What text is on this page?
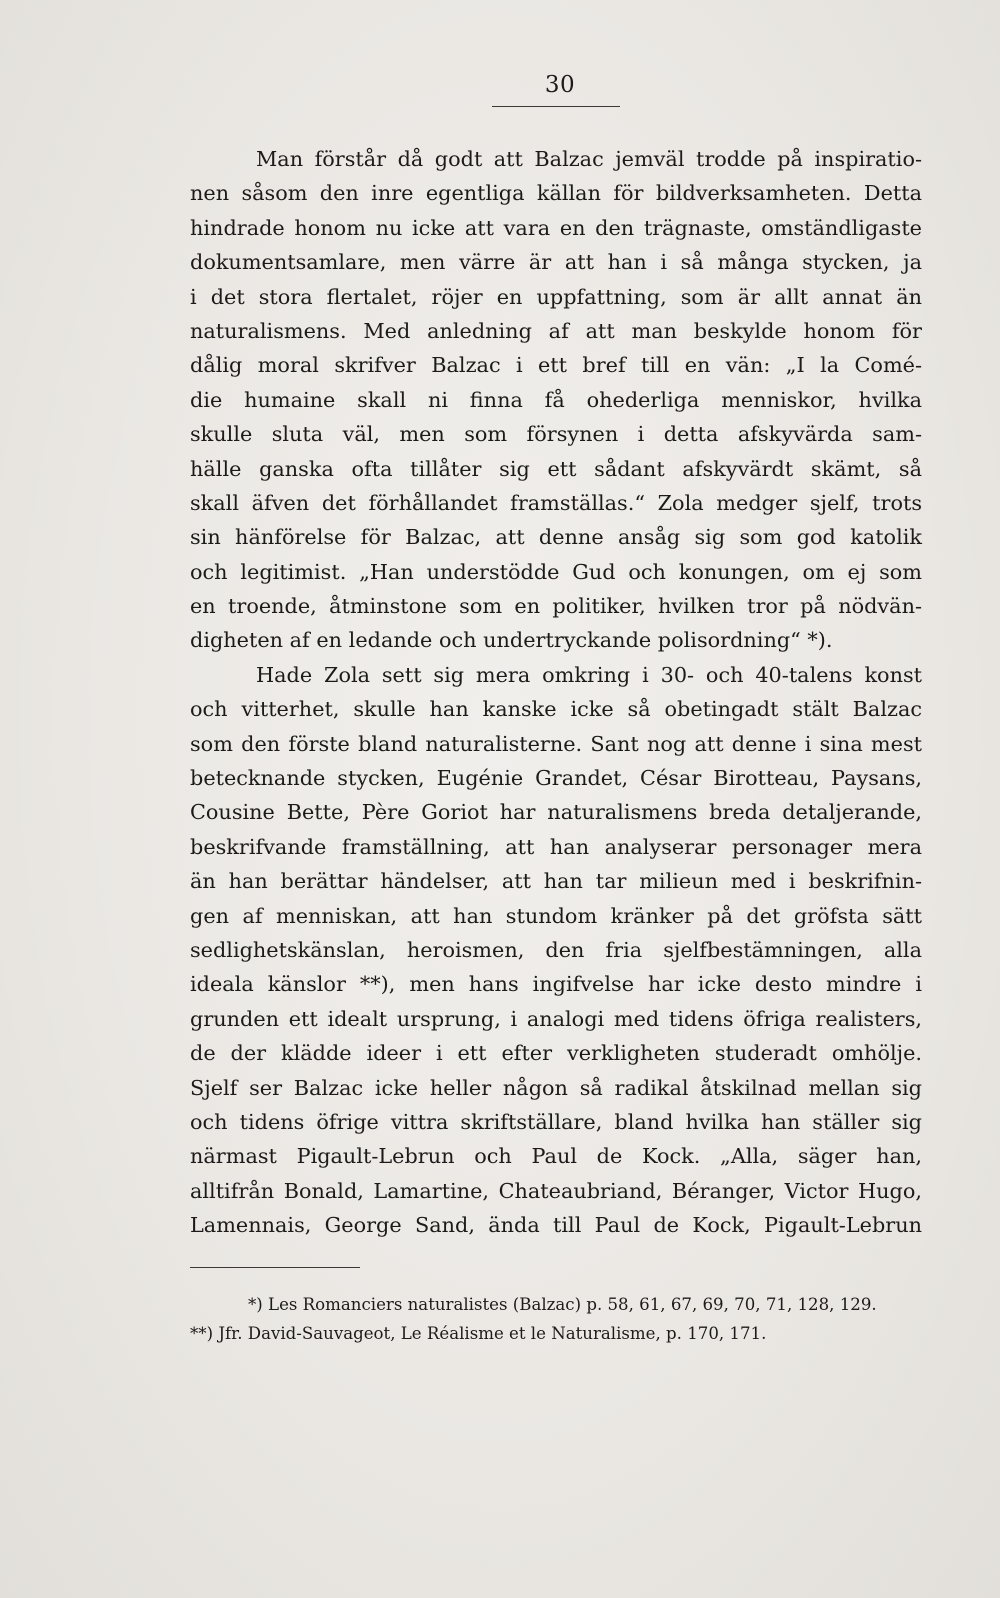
30
Man förstår då godt att Balzac jemväl trodde på inspiratio-
nen såsom den inre egentliga källan för bildverksamheten. Detta
hindrade honom nu icke att vara en den trägnaste, omständligaste
dokumentsamlare, men värre är att han i så många stycken, ja
i det stora flertalet, röjer en uppfattning, som är allt annat än
naturalismens. Med anledning af att man beskylde honom för
dålig moral skrifver Balzac i ett bref till en vän: „I la Comé-
die humaine skall ni finna få ohederliga menniskor, hvilka
skulle sluta väl, men som försynen i detta afskyvärda sam-
hälle ganska ofta tillåter sig ett sådant afskyvärdt skämt, så
skall äfven det förhållandet framställas.“ Zola medger sjelf, trots
sin hänförelse för Balzac, att denne ansåg sig som god katolik
och legitimist. „Han understödde Gud och konungen, om ej som
en troende, åtminstone som en politiker, hvilken tror på nödvän-
digheten af en ledande och undertryckande polisordning“ *).
Hade Zola sett sig mera omkring i 30- och 40-talens konst
och vitterhet, skulle han kanske icke så obetingadt stält Balzac
som den förste bland naturalisterne. Sant nog att denne i sina mest
betecknande stycken, Eugénie Grandet, César Birotteau, Paysans,
Cousine Bette, Père Goriot har naturalismens breda detaljerande,
beskrifvande framställning, att han analyserar personager mera
än han berättar händelser, att han tar milieun med i beskrifnin-
gen af menniskan, att han stundom kränker på det gröfsta sätt
sedlighetskänslan, heroismen, den fria sjelfbestämningen, alla
ideala känslor **), men hans ingifvelse har icke desto mindre i
grunden ett idealt ursprung, i analogi med tidens öfriga realisters,
de der klädde ideer i ett efter verkligheten studeradt omhölje.
Sjelf ser Balzac icke heller någon så radikal åtskilnad mellan sig
och tidens öfrige vittra skriftställare, bland hvilka han ställer sig
närmast Pigault-Lebrun och Paul de Kock. „Alla, säger han,
alltifrån Bonald, Lamartine, Chateaubriand, Béranger, Victor Hugo,
Lamennais, George Sand, ända till Paul de Kock, Pigault-Lebrun
*) Les Romanciers naturalistes (Balzac) p. 58, 61, 67, 69, 70, 71, 128, 129.
**) Jfr. David-Sauvageot, Le Réalisme et le Naturalisme, p. 170, 171.
